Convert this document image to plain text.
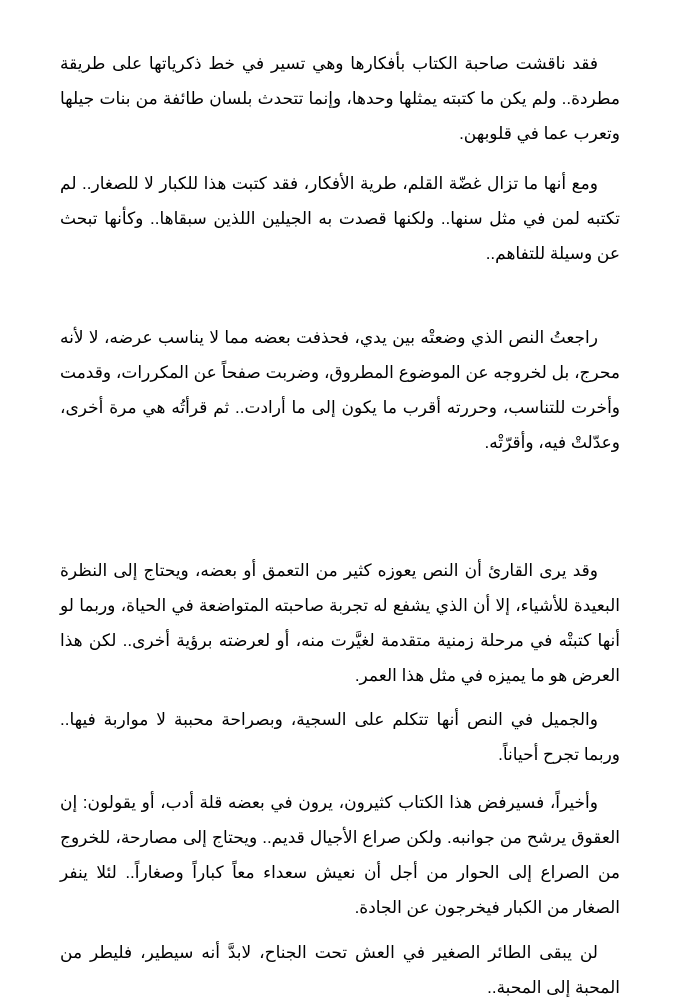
فقد ناقشت صاحبة الكتاب بأفكارها وهي تسير في خط ذكرياتها على طريقة مطردة.. ولم يكن ما كتبته يمثلها وحدها، وإنما تتحدث بلسان طائفة من بنات جيلها وتعرب عما في قلوبهن.

ومع أنها ما تزال غضّة القلم، طرية الأفكار، فقد كتبت هذا للكبار لا للصغار.. لم تكتبه لمن في مثل سنها.. ولكنها قصدت به الجيلين اللذين سبقاها.. وكأنها تبحث عن وسيلة للتفاهم..

راجعتُ النص الذي وضعتْه بين يدي، فحذفت بعضه مما لا يناسب عرضه، لا لأنه محرج، بل لخروجه عن الموضوع المطروق، وضربت صفحاً عن المكررات، وقدمت وأخرت للتناسب، وحررته أقرب ما يكون إلى ما أرادت.. ثم قرأتُه هي مرة أخرى، وعدّلتْ فيه، وأقرّتْه.

وقد يرى القارئ أن النص يعوزه كثير من التعمق أو بعضه، ويحتاج إلى النظرة البعيدة للأشياء، إلا أن الذي يشفع له تجربة صاحبته المتواضعة في الحياة، وربما لو أنها كتبتْه في مرحلة زمنية متقدمة لغيَّرت منه، أو لعرضته برؤية أخرى.. لكن هذا العرض هو ما يميزه في مثل هذا العمر.

والجميل في النص أنها تتكلم على السجية، وبصراحة محببة لا مواربة فيها.. وربما تجرح أحياناً.

وأخيراً، فسيرفض هذا الكتاب كثيرون، يرون في بعضه قلة أدب، أو يقولون: إن العقوق يرشح من جوانبه. ولكن صراع الأجيال قديم.. ويحتاج إلى مصارحة، للخروج من الصراع إلى الحوار من أجل أن نعيش سعداء معاً كباراً وصغاراً.. لئلا ينفر الصغار من الكبار فيخرجون عن الجادة.

لن يبقى الطائر الصغير في العش تحت الجناح، لابدَّ أنه سيطير، فليطر من المحبة إلى المحبة..
